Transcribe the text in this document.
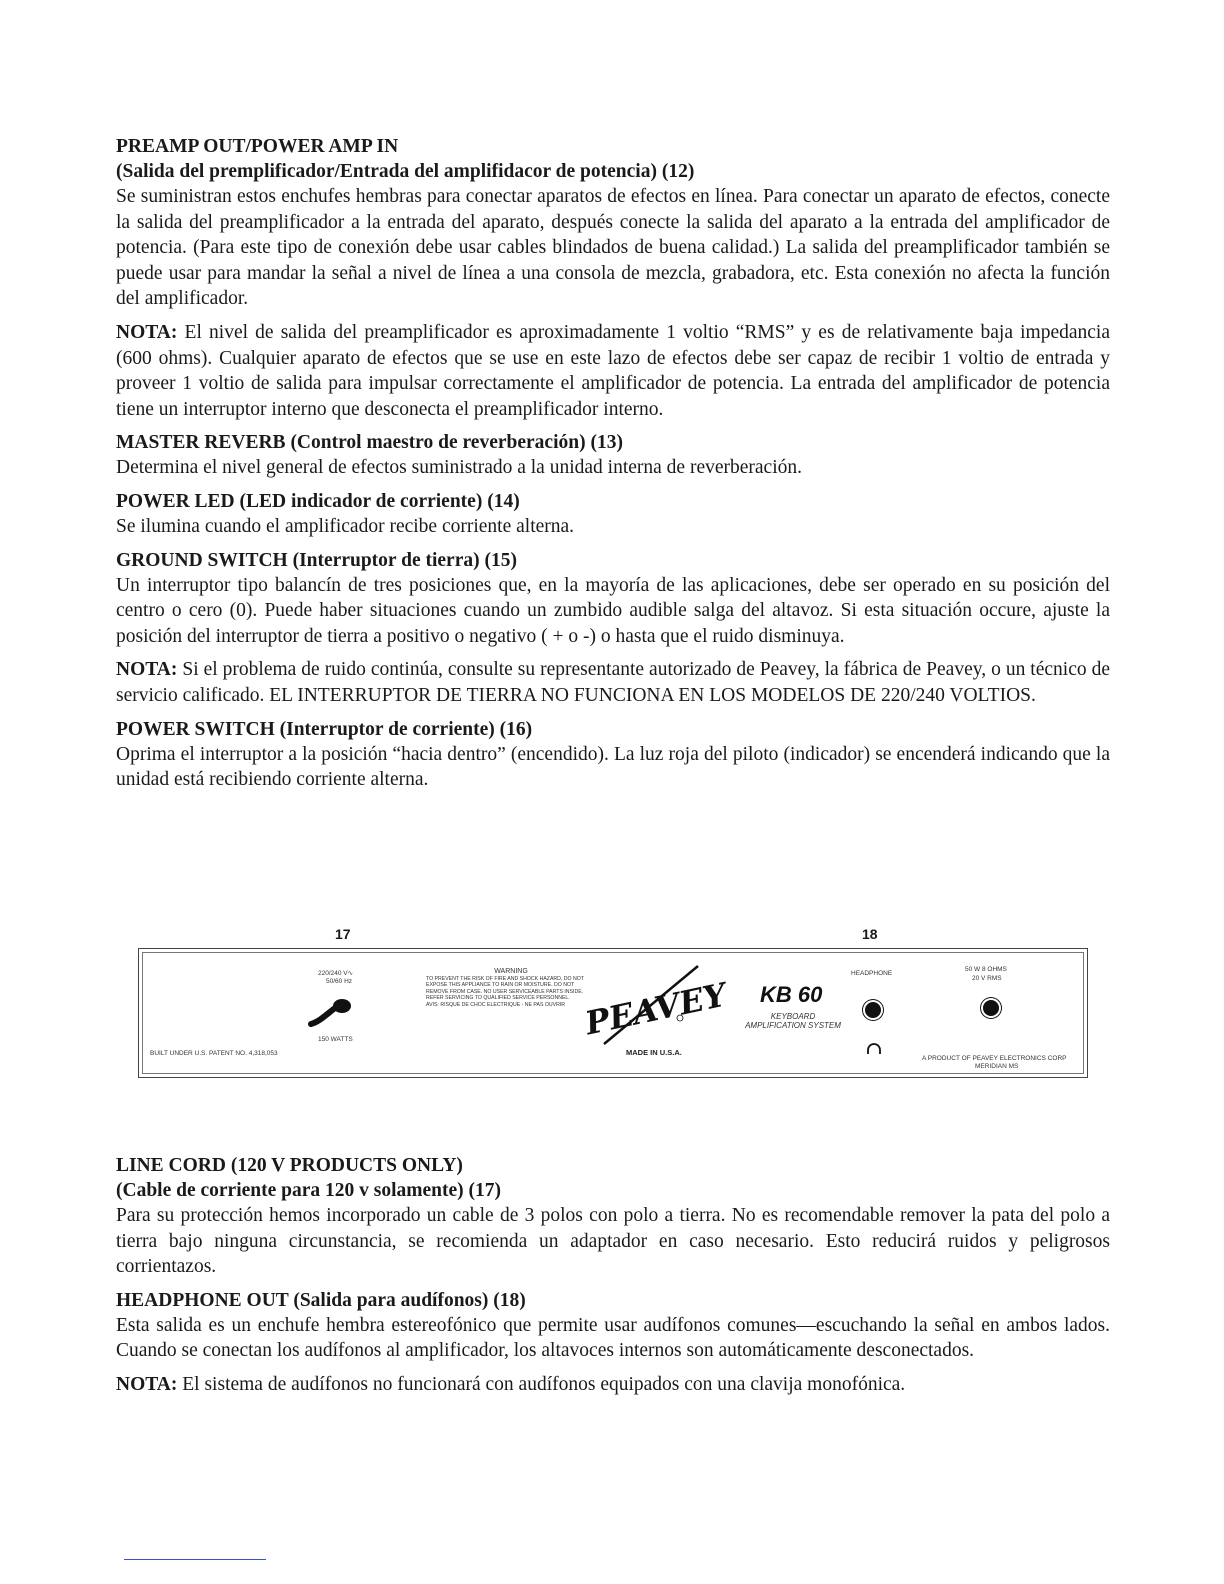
PREAMP OUT/POWER AMP IN

(Salida del premplificador/Entrada del amplifidacor de potencia) (12)

Se suministran estos enchufes hembras para conectar aparatos de efectos en línea. Para conectar un aparato de efectos, conecte la salida del preamplificador a la entrada del aparato, después conecte la salida del aparato a la entrada del amplificador de potencia. (Para este tipo de conexión debe usar cables blindados de buena calidad.) La salida del preamplificador también se puede usar para mandar la señal a nivel de línea a una consola de mezcla, grabadora, etc. Esta conexión no afecta la función del amplificador.

NOTA: El nivel de salida del preamplificador es aproximadamente 1 voltio “RMS” y es de relativamente baja impedancia (600 ohms). Cualquier aparato de efectos que se use en este lazo de efectos debe ser capaz de recibir 1 voltio de entrada y proveer 1 voltio de salida para impulsar correctamente el amplificador de potencia. La entrada del amplificador de potencia tiene un interruptor interno que desconecta el preamplificador interno.

MASTER REVERB (Control maestro de reverberación) (13)

Determina el nivel general de efectos suministrado a la unidad interna de reverberación.

POWER LED (LED indicador de corriente) (14)

Se ilumina cuando el amplificador recibe corriente alterna.

GROUND SWITCH (Interruptor de tierra) (15)

Un interruptor tipo balancín de tres posiciones que, en la mayoría de las aplicaciones, debe ser operado en su posición del centro o cero (0). Puede haber situaciones cuando un zumbido audible salga del altavoz. Si esta situación occure, ajuste la posición del interruptor de tierra a positivo o negativo ( + o -) o hasta que el ruido disminuya.

NOTA: Si el problema de ruido continúa, consulte su representante autorizado de Peavey, la fábrica de Peavey, o un técnico de servicio calificado. EL INTERRUPTOR DE TIERRA NO FUNCIONA EN LOS MODELOS DE 220/240 VOLTIOS.

POWER SWITCH (Interruptor de corriente) (16)

Oprima el interruptor a la posición “hacia dentro” (encendido). La luz roja del piloto (indicador) se encenderá indicando que la unidad está recibiendo corriente alterna.

17	18
220/240 V∿
50/60 Hz
150 WATTS
BUILT UNDER U.S. PATENT NO. 4,318,053
WARNING
TO PREVENT THE RISK OF FIRE AND SHOCK HAZARD, DO NOT EXPOSE THIS APPLIANCE TO RAIN OR MOISTURE. DO NOT REMOVE FROM CASE. NO USER SERVICEABLE PARTS INSIDE. REFER SERVICING TO QUALIFIED SERVICE PERSONNEL.
AVIS: RISQUE DE CHOC ELECTRIQUE - NE PAS OUVRIR PEAVEY
MADE IN U.S.A.
KB 60
KEYBOARD
AMPLIFICATION SYSTEM
HEADPHONE
50 W 8 OHMS
20 V RMS
A PRODUCT OF PEAVEY ELECTRONICS CORP
MERIDIAN MS

LINE CORD (120 V PRODUCTS ONLY)

(Cable de corriente para 120 v solamente) (17)

Para su protección hemos incorporado un cable de 3 polos con polo a tierra. No es recomendable remover la pata del polo a tierra bajo ninguna circunstancia, se recomienda un adaptador en caso necesario. Esto reducirá ruidos y peligrosos corrientazos.

HEADPHONE OUT (Salida para audífonos) (18)

Esta salida es un enchufe hembra estereofónico que permite usar audífonos comunes—escuchando la señal en ambos lados. Cuando se conectan los audífonos al amplificador, los altavoces internos son automáticamente desconectados.

NOTA: El sistema de audífonos no funcionará con audífonos equipados con una clavija monofónica.
